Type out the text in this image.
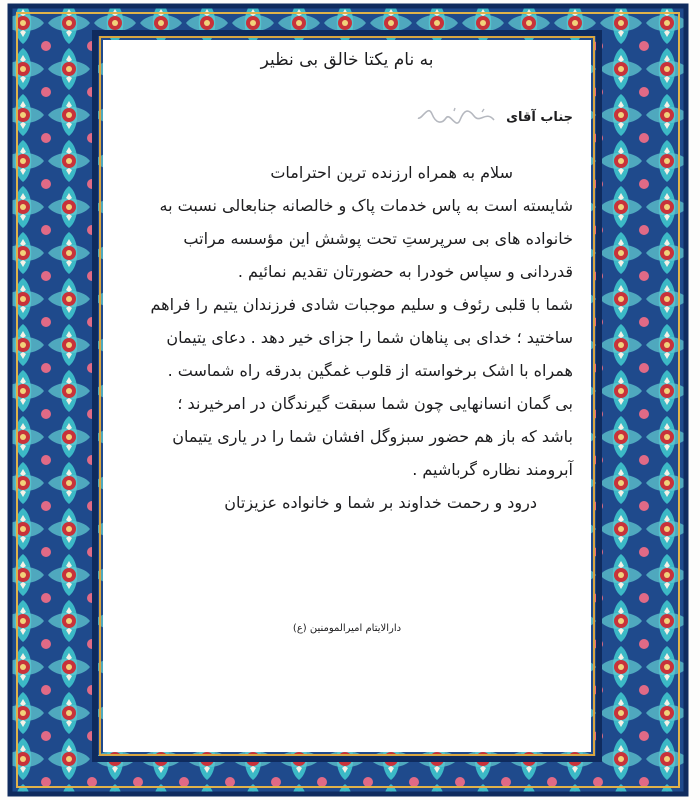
به نام یکتا خالق بی نظیر
جناب آقای
سلام به همراه ارزنده ترین احترامات
شایسته است به پاس خدمات پاک و خالصانه جنابعالی نسبت به
خانواده های بی سرپرستِ تحت پوشش این مؤسسه مراتب
قدردانی و سپاس خودرا به حضورتان تقدیم نمائیم .
شما با قلبی رئوف و سلیم موجبات شادی فرزندان یتیم را فراهم
ساختید ؛ خدای بی پناهان شما را جزای خیر دهد . دعای یتیمان
همراه با اشک برخواسته از قلوب غمگین بدرقه راه شماست .
بی گمان انسانهایی چون شما سبقت گیرندگان در امرخیرند ؛
باشد که باز هم حضور سبزوگل افشان شما را در یاری یتیمان
آبرومند نظاره گرباشیم .
درود و رحمت خداوند بر شما و خانواده عزیزتان
دارالایتام امیرالمومنین (ع)
